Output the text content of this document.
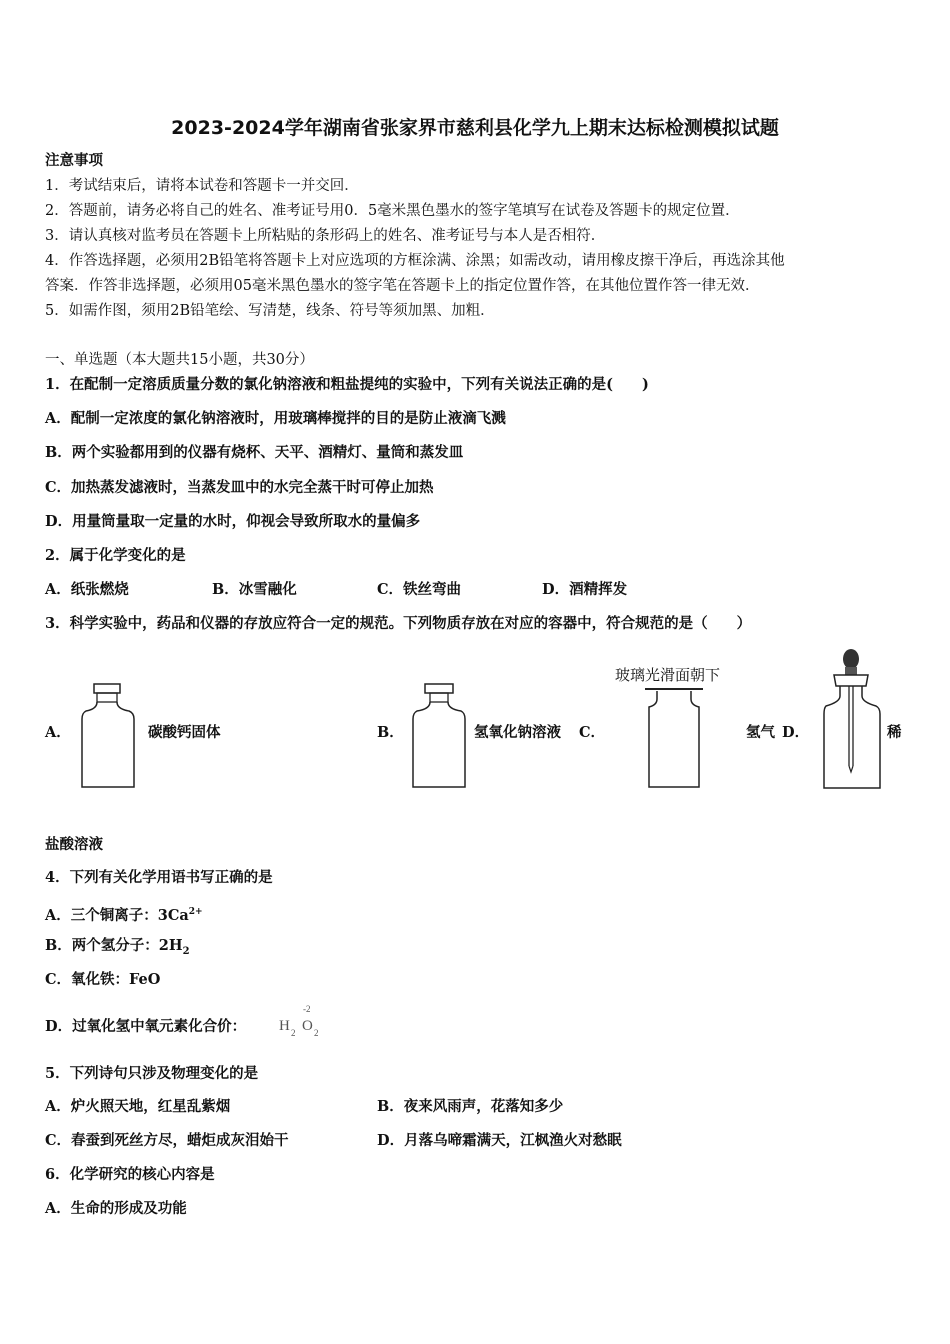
2023-2024学年湖南省张家界市慈利县化学九上期末达标检测模拟试题
注意事项
1．考试结束后，请将本试卷和答题卡一并交回．
2．答题前，请务必将自己的姓名、准考证号用0．5毫米黑色墨水的签字笔填写在试卷及答题卡的规定位置．
3．请认真核对监考员在答题卡上所粘贴的条形码上的姓名、准考证号与本人是否相符．
4．作答选择题，必须用2B铅笔将答题卡上对应选项的方框涂满、涂黑；如需改动，请用橡皮擦干净后，再选涂其他
答案．作答非选择题，必须用05毫米黑色墨水的签字笔在答题卡上的指定位置作答，在其他位置作答一律无效．
5．如需作图，须用2B铅笔绘、写清楚，线条、符号等须加黑、加粗．
一、单选题（本大题共15小题，共30分）
1．在配制一定溶质质量分数的氯化钠溶液和粗盐提纯的实验中，下列有关说法正确的是(　　)
A．配制一定浓度的氯化钠溶液时，用玻璃棒搅拌的目的是防止液滴飞溅
B．两个实验都用到的仪器有烧杯、天平、酒精灯、量筒和蒸发皿
C．加热蒸发滤液时，当蒸发皿中的水完全蒸干时可停止加热
D．用量筒量取一定量的水时，仰视会导致所取水的量偏多
2．属于化学变化的是
A．纸张燃烧	B．冰雪融化	C．铁丝弯曲	D．酒精挥发
3．科学实验中，药品和仪器的存放应符合一定的规范。下列物质存放在对应的容器中，符合规范的是（　　）
A．	碳酸钙固体	B．	氢氧化钠溶液 C．
玻璃光滑面朝下
氢气 D．	稀
盐酸溶液
4．下列有关化学用语书写正确的是
A．三个铜离子：$3Ca^{2+}$
B．两个氢分子：$2H_2$
C．氧化铁：FeO
D．过氧化氢中氧元素化合价： H 2 O 2
-2
5．下列诗句只涉及物理变化的是
A．炉火照天地，红星乱紫烟	B．夜来风雨声，花落知多少
C．春蚕到死丝方尽，蜡炬成灰泪始干	D．月落乌啼霜满天，江枫渔火对愁眠
6．化学研究的核心内容是
A．生命的形成及功能
